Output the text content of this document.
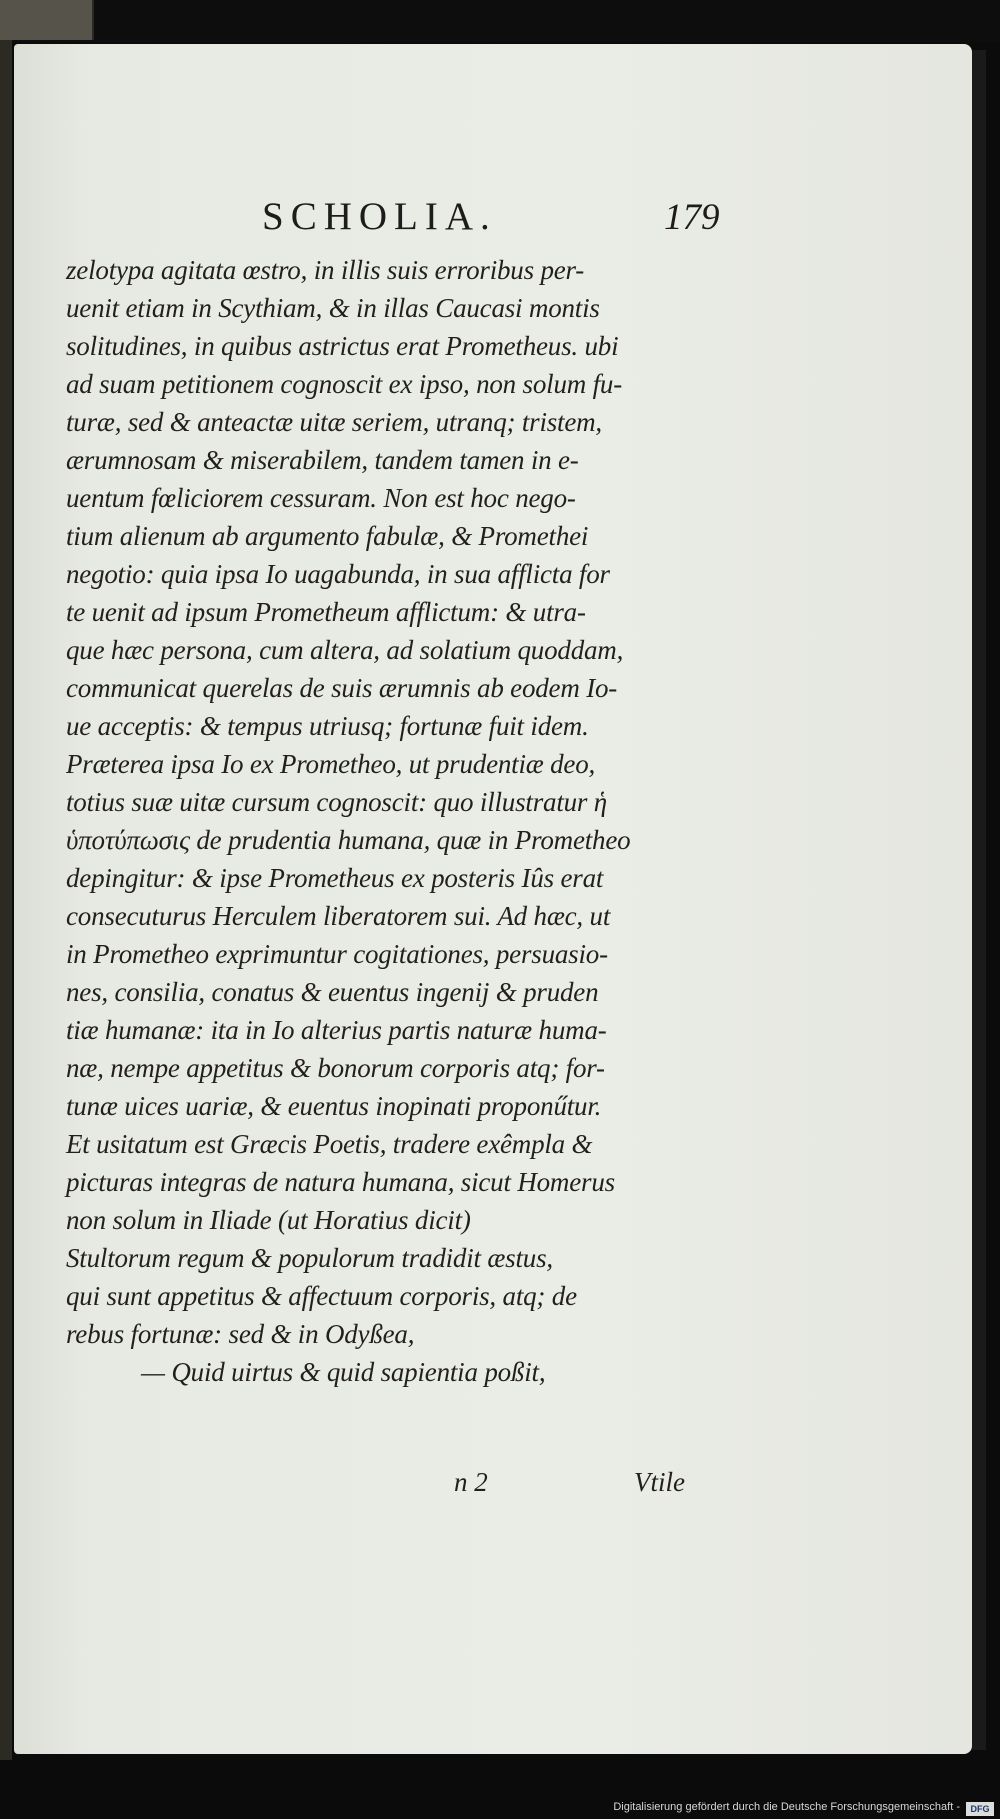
SCHOLIA.	179
zelotypa agitata œstro, in illis suis erroribus per-
uenit etiam in Scythiam, & in illas Caucasi montis
solitudines, in quibus astrictus erat Prometheus. ubi
ad suam petitionem cognoscit ex ipso, non solum fu-
turæ, sed & anteactæ uitæ seriem, utranq; tristem,
ærumnosam & miserabilem, tandem tamen in e-
uentum fœliciorem cessuram. Non est hoc nego-
tium alienum ab argumento fabulæ, & Promethei
negotio: quia ipsa Io uagabunda, in sua afflicta for
te uenit ad ipsum Prometheum afflictum: & utra-
que hæc persona, cum altera, ad solatium quoddam,
communicat querelas de suis ærumnis ab eodem Io-
ue acceptis: & tempus utriusq; fortunæ fuit idem.
Præterea ipsa Io ex Prometheo, ut prudentiæ deo,
totius suæ uitæ cursum cognoscit: quo illustratur ἡ
ὑποτύπωσις de prudentia humana, quæ in Prometheo
depingitur: & ipse Prometheus ex posteris Iûs erat
consecuturus Herculem liberatorem sui. Ad hæc, ut
in Prometheo exprimuntur cogitationes, persuasio-
nes, consilia, conatus & euentus ingenij & pruden
tiæ humanæ: ita in Io alterius partis naturæ huma-
næ, nempe appetitus & bonorum corporis atq; for-
tunæ uices uariæ, & euentus inopinati proponűtur.
Et usitatum est Græcis Poetis, tradere exêmpla &
picturas integras de natura humana, sicut Homerus
non solum in Iliade (ut Horatius dicit)
Stultorum regum & populorum tradidit æstus,
qui sunt appetitus & affectuum corporis, atq; de
rebus fortunæ: sed & in Odyßea,
— Quid uirtus & quid sapientia poßit,
n 2	Vtile
Digitalisierung gefördert durch die Deutsche Forschungsgemeinschaft -	DFG
